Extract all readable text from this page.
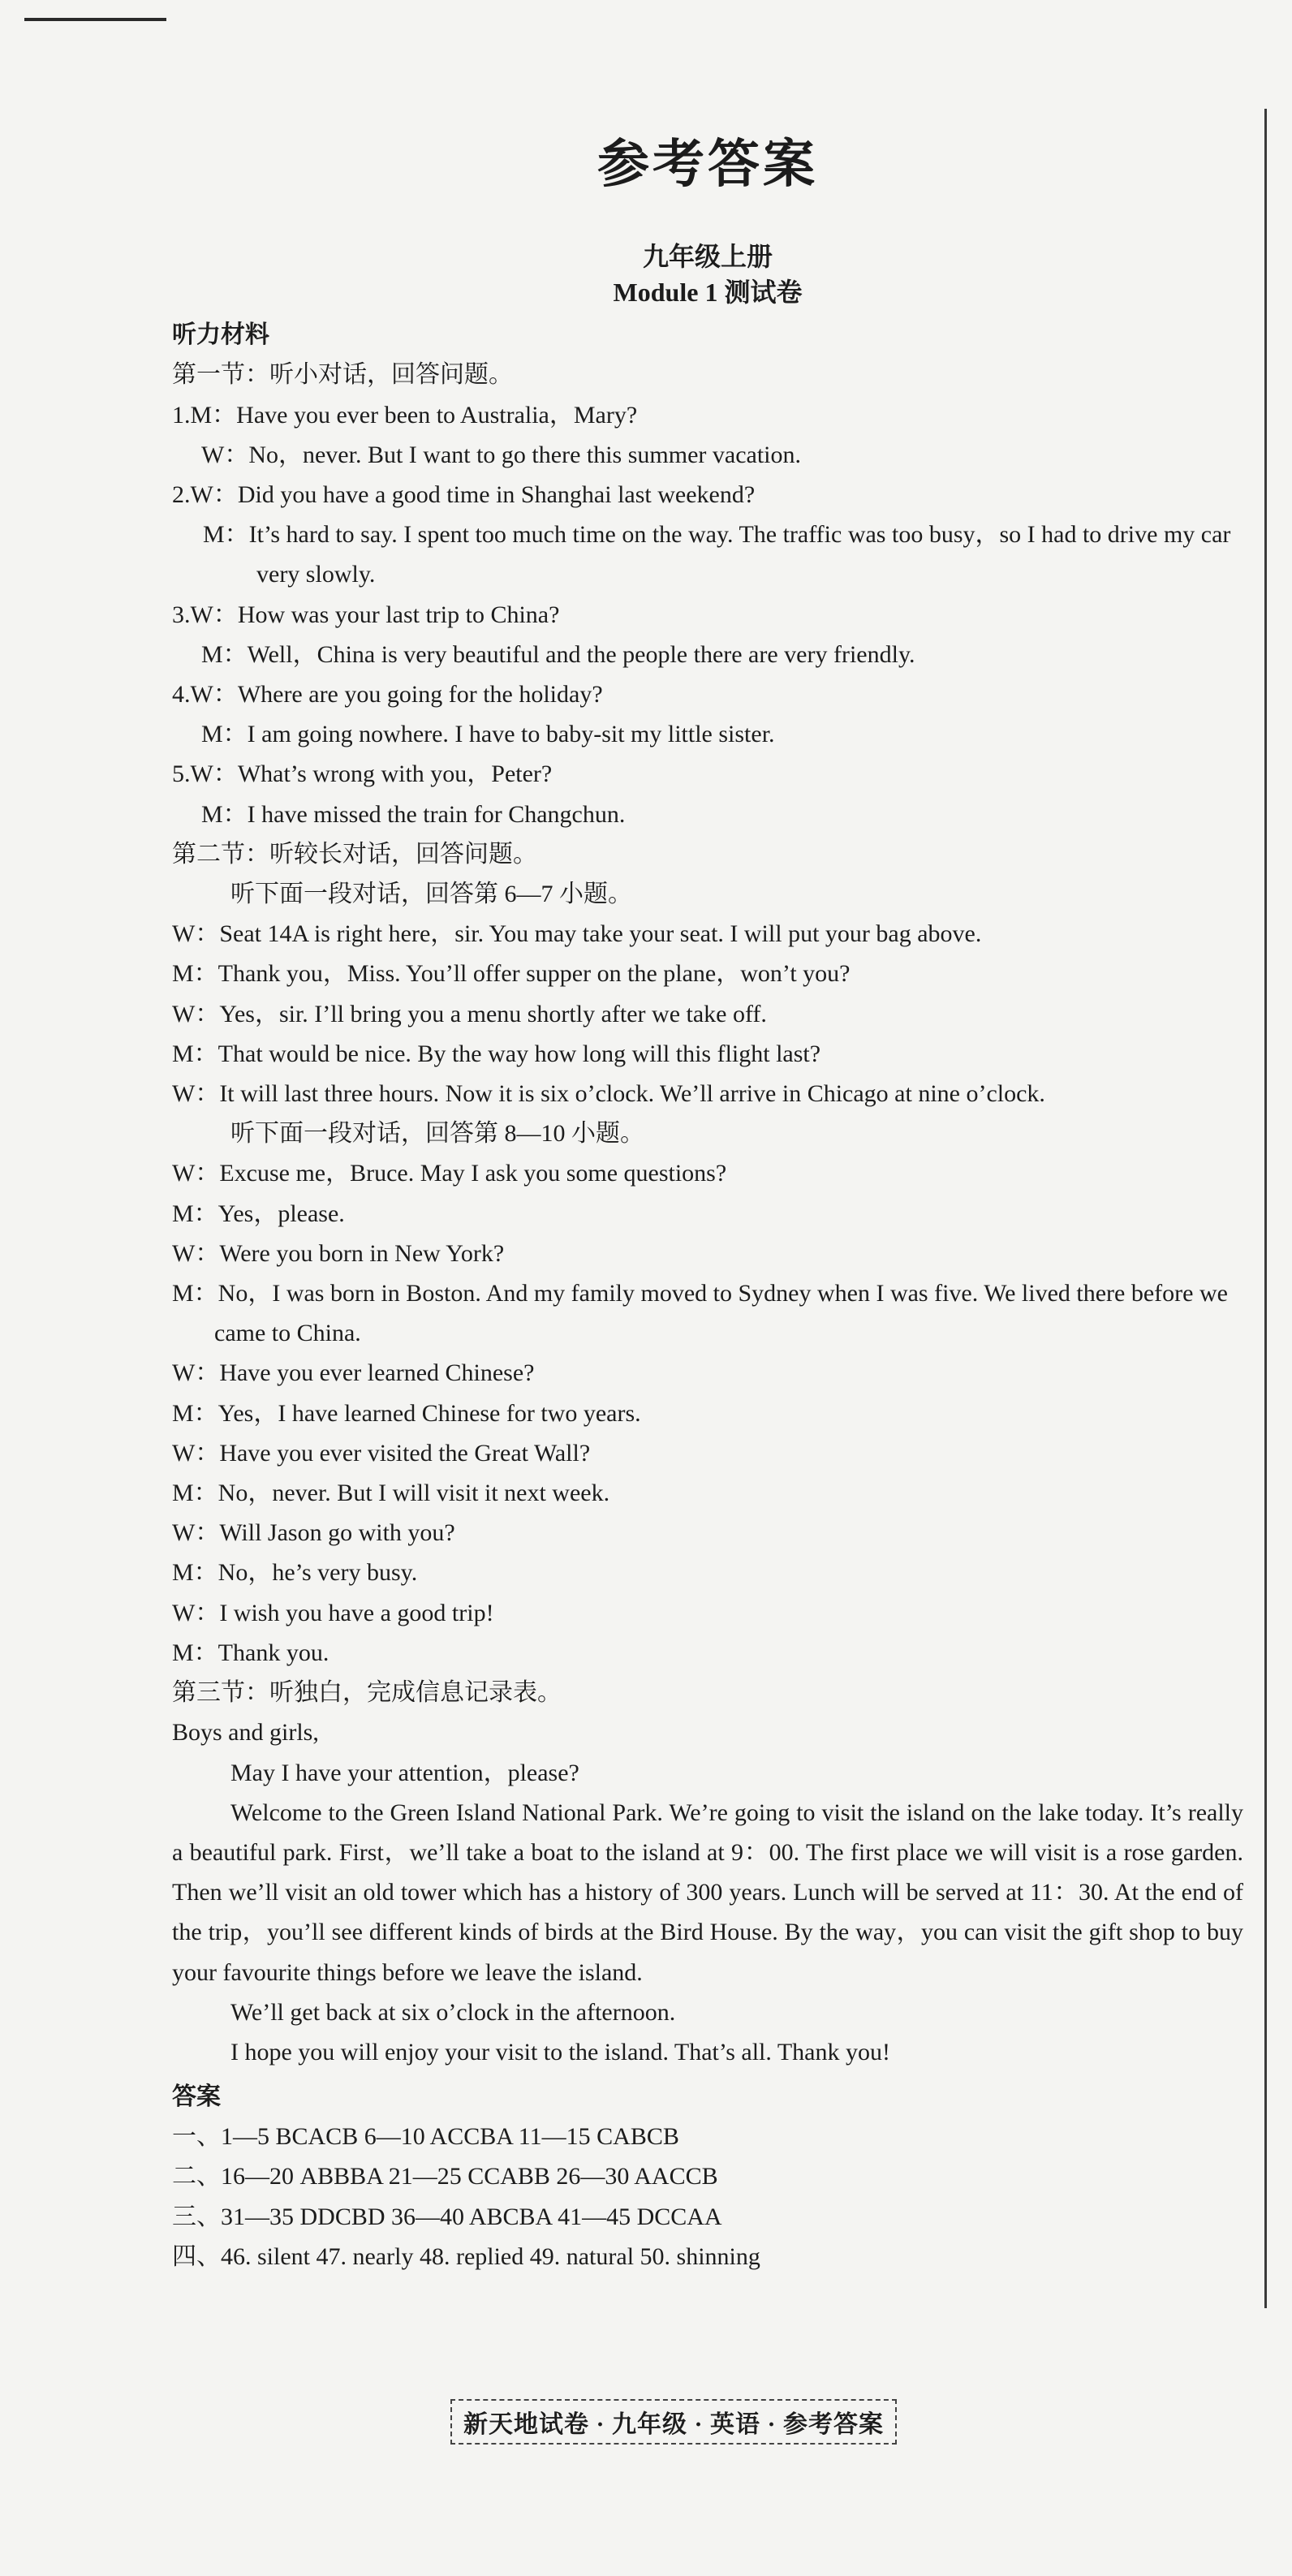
参考答案
九年级上册
Module 1 测试卷
听力材料
第一节：听小对话，回答问题。
1.M：Have you ever been to Australia，Mary?
W：No，never. But I want to go there this summer vacation.
2.W：Did you have a good time in Shanghai last weekend?
M：It’s hard to say. I spent too much time on the way. The traffic was too busy，so I had to drive my car very slowly.
3.W：How was your last trip to China?
M：Well，China is very beautiful and the people there are very friendly.
4.W：Where are you going for the holiday?
M：I am going nowhere. I have to baby-sit my little sister.
5.W：What’s wrong with you，Peter?
M：I have missed the train for Changchun.
第二节：听较长对话，回答问题。
听下面一段对话，回答第 6—7 小题。
W：Seat 14A is right here，sir. You may take your seat. I will put your bag above.
M：Thank you，Miss. You’ll offer supper on the plane，won’t you?
W：Yes，sir. I’ll bring you a menu shortly after we take off.
M：That would be nice. By the way how long will this flight last?
W：It will last three hours. Now it is six o’clock. We’ll arrive in Chicago at nine o’clock.
听下面一段对话，回答第 8—10 小题。
W：Excuse me，Bruce. May I ask you some questions?
M：Yes，please.
W：Were you born in New York?
M：No，I was born in Boston. And my family moved to Sydney when I was five. We lived there before we came to China.
W：Have you ever learned Chinese?
M：Yes，I have learned Chinese for two years.
W：Have you ever visited the Great Wall?
M：No，never. But I will visit it next week.
W：Will Jason go with you?
M：No，he’s very busy.
W：I wish you have a good trip!
M：Thank you.
第三节：听独白，完成信息记录表。
Boys and girls,
May I have your attention，please?
Welcome to the Green Island National Park. We’re going to visit the island on the lake today. It’s really a beautiful park. First，we’ll take a boat to the island at 9：00. The first place we will visit is a rose garden. Then we’ll visit an old tower which has a history of 300 years. Lunch will be served at 11：30. At the end of the trip，you’ll see different kinds of birds at the Bird House. By the way，you can visit the gift shop to buy your favourite things before we leave the island.
We’ll get back at six o’clock in the afternoon.
I hope you will enjoy your visit to the island. That’s all. Thank you!
答案
一、1—5 BCACB 6—10 ACCBA 11—15 CABCB
二、16—20 ABBBA 21—25 CCABB 26—30 AACCB
三、31—35 DDCBD 36—40 ABCBA 41—45 DCCAA
四、46. silent 47. nearly 48. replied 49. natural 50. shinning
新天地试卷 · 九年级 · 英语 · 参考答案
